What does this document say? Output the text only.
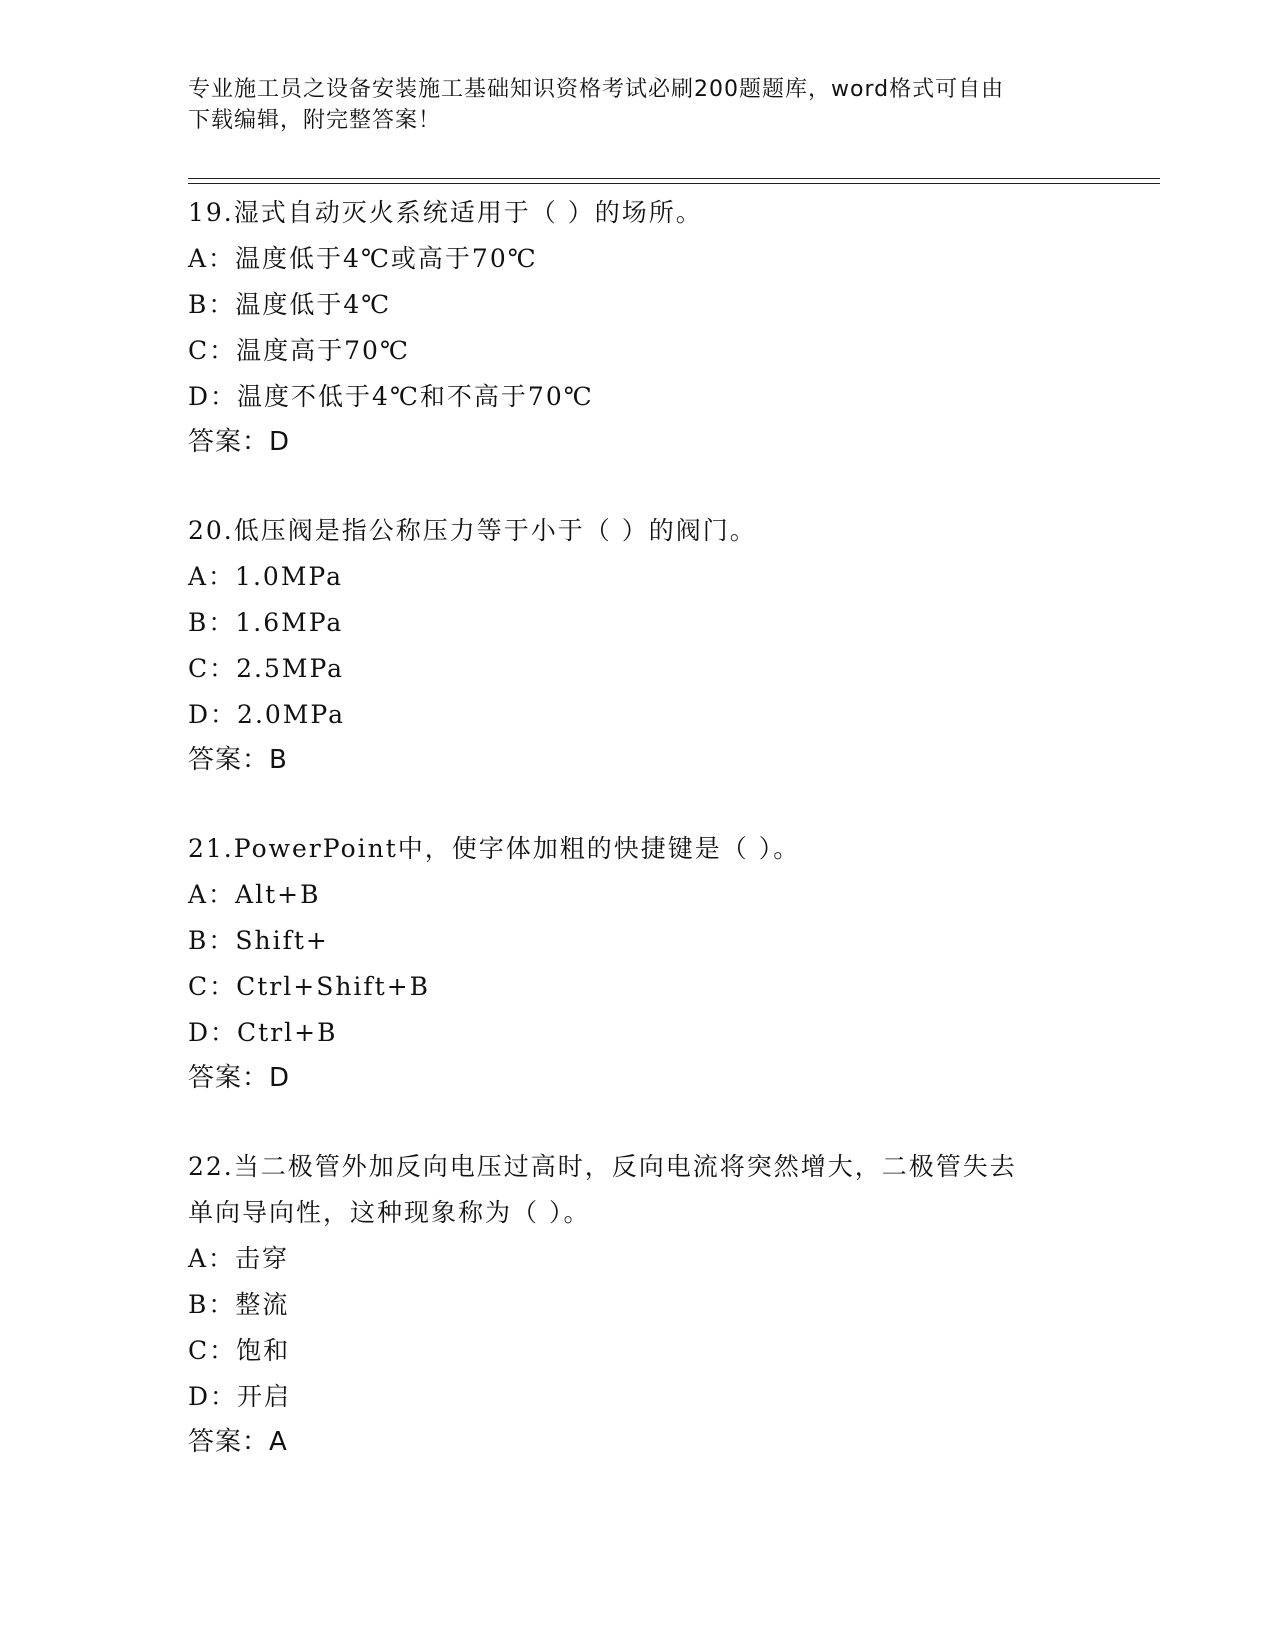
专业施工员之设备安装施工基础知识资格考试必刷200题题库，word格式可自由
下载编辑，附完整答案！
19.湿式自动灭火系统适用于（ ）的场所。
A：温度低于4℃或高于70℃
B：温度低于4℃
C：温度高于70℃
D：温度不低于4℃和不高于70℃
答案：D
20.低压阀是指公称压力等于小于（ ）的阀门。
A：1.0MPa
B：1.6MPa
C：2.5MPa
D：2.0MPa
答案：B
21.PowerPoint中，使字体加粗的快捷键是（ ）。
A：Alt+B
B：Shift+
C：Ctrl+Shift+B
D：Ctrl+B
答案：D
22.当二极管外加反向电压过高时，反向电流将突然增大，二极管失去
单向导向性，这种现象称为（ ）。
A：击穿
B：整流
C：饱和
D：开启
答案：A
